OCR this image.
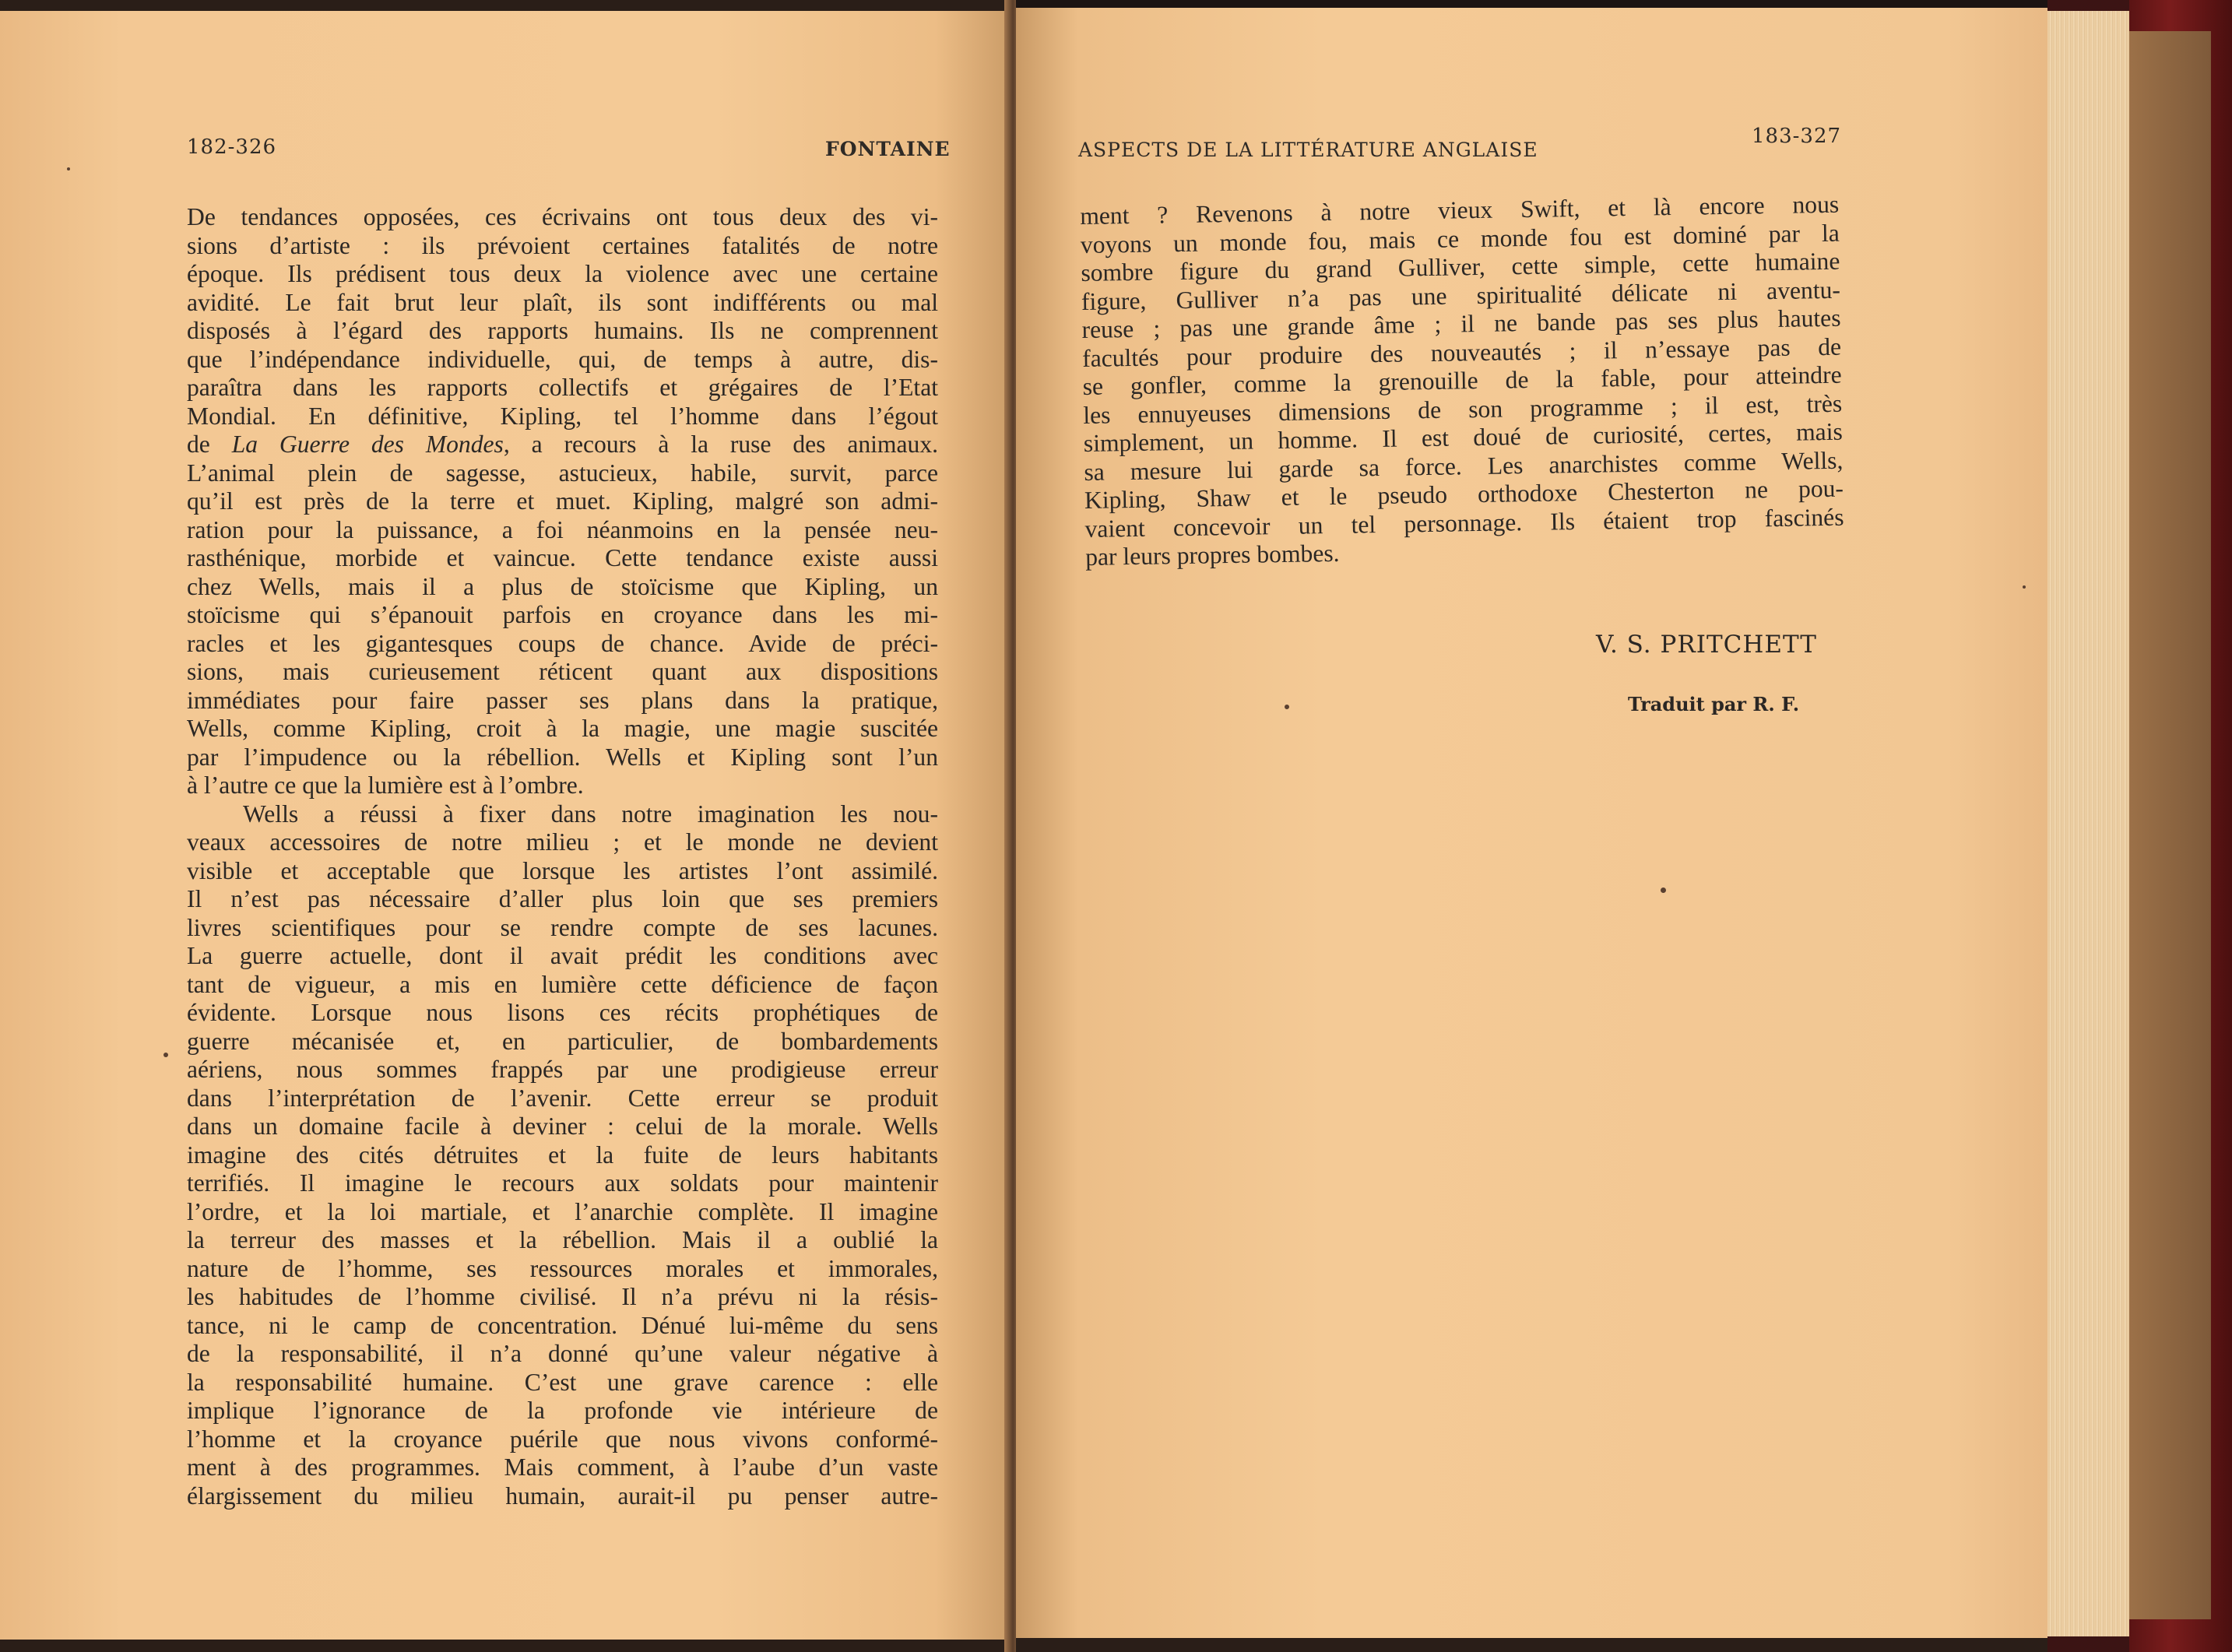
182-326	FONTAINE
De tendances opposées, ces écrivains ont tous deux des vi-
sions d’artiste : ils prévoient certaines fatalités de notre
époque. Ils prédisent tous deux la violence avec une certaine
avidité. Le fait brut leur plaît, ils sont indifférents ou mal
disposés à l’égard des rapports humains. Ils ne comprennent
que l’indépendance individuelle, qui, de temps à autre, dis-
paraîtra dans les rapports collectifs et grégaires de l’Etat
Mondial. En définitive, Kipling, tel l’homme dans l’égout
de La Guerre des Mondes, a recours à la ruse des animaux.
L’animal plein de sagesse, astucieux, habile, survit, parce
qu’il est près de la terre et muet. Kipling, malgré son admi-
ration pour la puissance, a foi néanmoins en la pensée neu-
rasthénique, morbide et vaincue. Cette tendance existe aussi
chez Wells, mais il a plus de stoïcisme que Kipling, un
stoïcisme qui s’épanouit parfois en croyance dans les mi-
racles et les gigantesques coups de chance. Avide de préci-
sions, mais curieusement réticent quant aux dispositions
immédiates pour faire passer ses plans dans la pratique,
Wells, comme Kipling, croit à la magie, une magie suscitée
par l’impudence ou la rébellion. Wells et Kipling sont l’un
à l’autre ce que la lumière est à l’ombre.
Wells a réussi à fixer dans notre imagination les nou-
veaux accessoires de notre milieu ; et le monde ne devient
visible et acceptable que lorsque les artistes l’ont assimilé.
Il n’est pas nécessaire d’aller plus loin que ses premiers
livres scientifiques pour se rendre compte de ses lacunes.
La guerre actuelle, dont il avait prédit les conditions avec
tant de vigueur, a mis en lumière cette déficience de façon
évidente. Lorsque nous lisons ces récits prophétiques de
guerre mécanisée et, en particulier, de bombardements
aériens, nous sommes frappés par une prodigieuse erreur
dans l’interprétation de l’avenir. Cette erreur se produit
dans un domaine facile à deviner : celui de la morale. Wells
imagine des cités détruites et la fuite de leurs habitants
terrifiés. Il imagine le recours aux soldats pour maintenir
l’ordre, et la loi martiale, et l’anarchie complète. Il imagine
la terreur des masses et la rébellion. Mais il a oublié la
nature de l’homme, ses ressources morales et immorales,
les habitudes de l’homme civilisé. Il n’a prévu ni la résis-
tance, ni le camp de concentration. Dénué lui-même du sens
de la responsabilité, il n’a donné qu’une valeur négative à
la responsabilité humaine. C’est une grave carence : elle
implique l’ignorance de la profonde vie intérieure de
l’homme et la croyance puérile que nous vivons conformé-
ment à des programmes. Mais comment, à l’aube d’un vaste
élargissement du milieu humain, aurait-il pu penser autre-
ASPECTS DE LA LITTÉRATURE ANGLAISE
183-327
ment ? Revenons à notre vieux Swift, et là encore nous
voyons un monde fou, mais ce monde fou est dominé par la
sombre figure du grand Gulliver, cette simple, cette humaine
figure, Gulliver n’a pas une spiritualité délicate ni aventu-
reuse ; pas une grande âme ; il ne bande pas ses plus hautes
facultés pour produire des nouveautés ; il n’essaye pas de
se gonfler, comme la grenouille de la fable, pour atteindre
les ennuyeuses dimensions de son programme ; il est, très
simplement, un homme. Il est doué de curiosité, certes, mais
sa mesure lui garde sa force. Les anarchistes comme Wells,
Kipling, Shaw et le pseudo orthodoxe Chesterton ne pou-
vaient concevoir un tel personnage. Ils étaient trop fascinés
par leurs propres bombes.
V. S. PRITCHETT
Traduit par R. F.
